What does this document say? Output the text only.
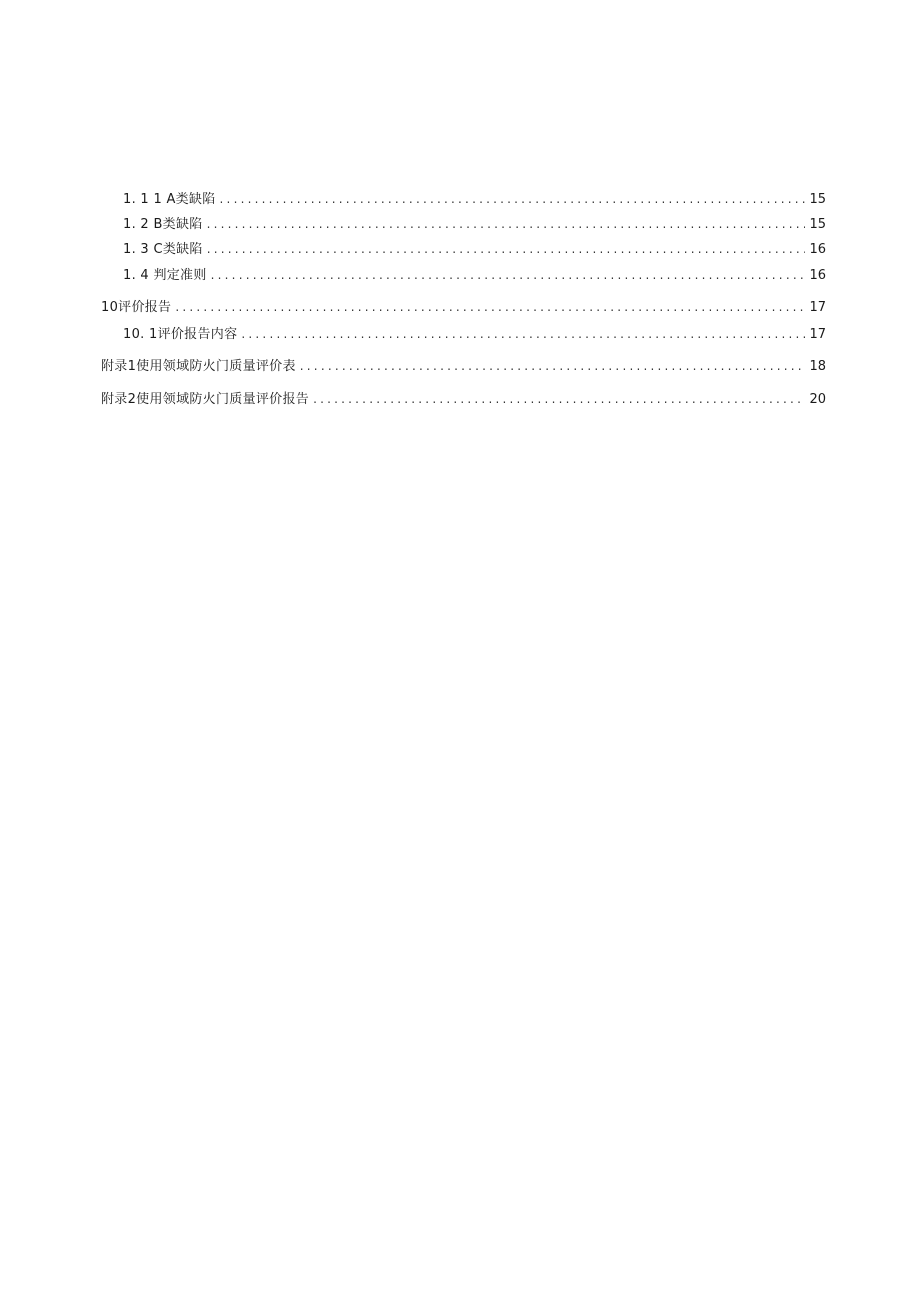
1. 1 1 A类缺陷 .....	15
1. 2 B类缺陷 .....	15
1. 3 C类缺陷 .....	16
1. 4 判定准则 .....	16
10评价报告 .....	17
10. 1评价报告内容 .....	17
附录1使用领域防火门质量评价表 .....	18
附录2使用领域防火门质量评价报告 .....	20
